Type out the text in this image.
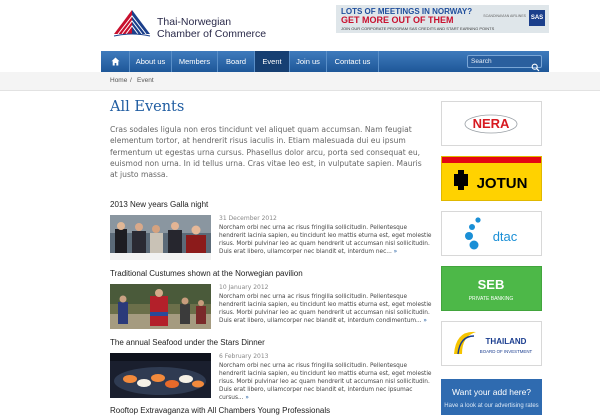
Thai-Norwegian
Chamber of Commerce
LOTS OF MEETINGS IN NORWAY?
GET MORE OUT OF THEM
JOIN OUR CORPORATE PROGRAM SAS CREDITS AND START EARNING POINTS
SCANDINAVIAN AIRLINES SAS
About us	Members	Board	Event	Join us	Contact us
Search
Home / Event
All Events
Cras sodales ligula non eros tincidunt vel aliquet quam accumsan. Nam feugiat elementum tortor, at hendrerit risus iaculis in. Etiam malesuada dui eu ipsum fermentum ut egestas urna cursus. Phasellus dolor arcu, porta sed consequat eu, euismod non urna. In id tellus urna. Cras vitae leo est, in vulputate sapien. Mauris at justo massa.
2013 New years Galla night
31 December 2012
Norcham orbi nec urna ac risus fringilla sollicitudin. Pellentesque hendrerit lacinia sapien, eu tincidunt leo mattis eturna est, eget molestie risus. Morbi pulvinar leo ac quam hendrerit ut accumsan nisl sollicitudin. Duis erat libero, ullamcorper nec blandit et, interdum nec... »
Traditional Custumes shown at the Norwegian pavilion
10 January 2012
Norcham orbi nec urna ac risus fringilla sollicitudin. Pellentesque hendrerit lacinia sapien, eu tincidunt leo mattis eturna est, eget molestie risus. Morbi pulvinar leo ac quam hendrerit ut accumsan nisl sollicitudin. Duis erat libero, ullamcorper nec blandit et, interdum condimentum... »
The annual Seafood under the Stars Dinner
6 February 2013
Norcham orbi nec urna ac risus fringilla sollicitudin. Pellentesque hendrerit lacinia sapien, eu tincidunt leo mattis eturna est, eget molestie risus. Morbi pulvinar leo ac quam hendrerit ut accumsan nisl sollicitudin. Duis erat libero, ullamcorper nec blandit et, interdum nec ipsumac cursus... »
Rooftop Extravaganza with All Chambers Young Professionals
NERA
JOTUN
dtac
SEB
PRIVATE BANKING
THAILAND
BOARD OF INVESTMENT
Want your add here?
Have a look at our advertising rates
